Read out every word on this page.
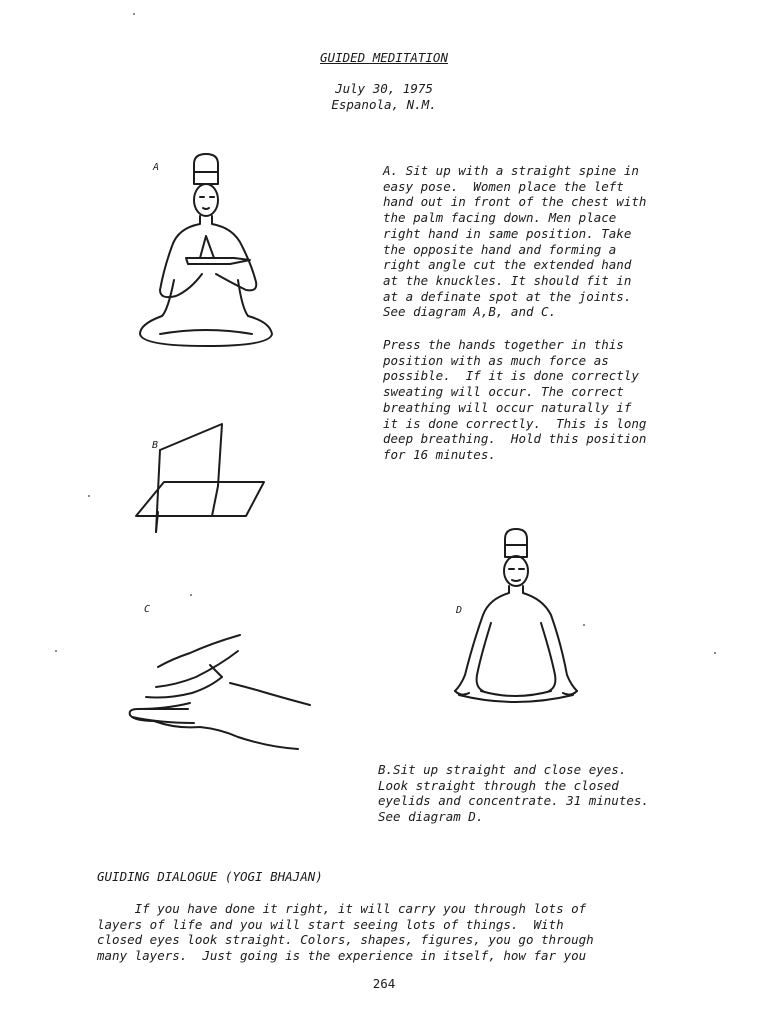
GUIDED MEDITATION
July 30, 1975
Espanola, N.M.
A	A. Sit up with a straight spine in
easy pose.  Women place the left
hand out in front of the chest with
the palm facing down. Men place
right hand in same position. Take
the opposite hand and forming a
right angle cut the extended hand
at the knuckles. It should fit in
at a definate spot at the joints.
See diagram A,B, and C.
Press the hands together in this
position with as much force as
possible.  If it is done correctly
sweating will occur. The correct
breathing will occur naturally if
it is done correctly.  This is long
deep breathing.  Hold this position
for 16 minutes.
B
C	D
B.Sit up straight and close eyes.
Look straight through the closed
eyelids and concentrate. 31 minutes.
See diagram D.
GUIDING DIALOGUE (YOGI BHAJAN)
If you have done it right, it will carry you through lots of
layers of life and you will start seeing lots of things.  With
closed eyes look straight. Colors, shapes, figures, you go through
many layers.  Just going is the experience in itself, how far you
264
